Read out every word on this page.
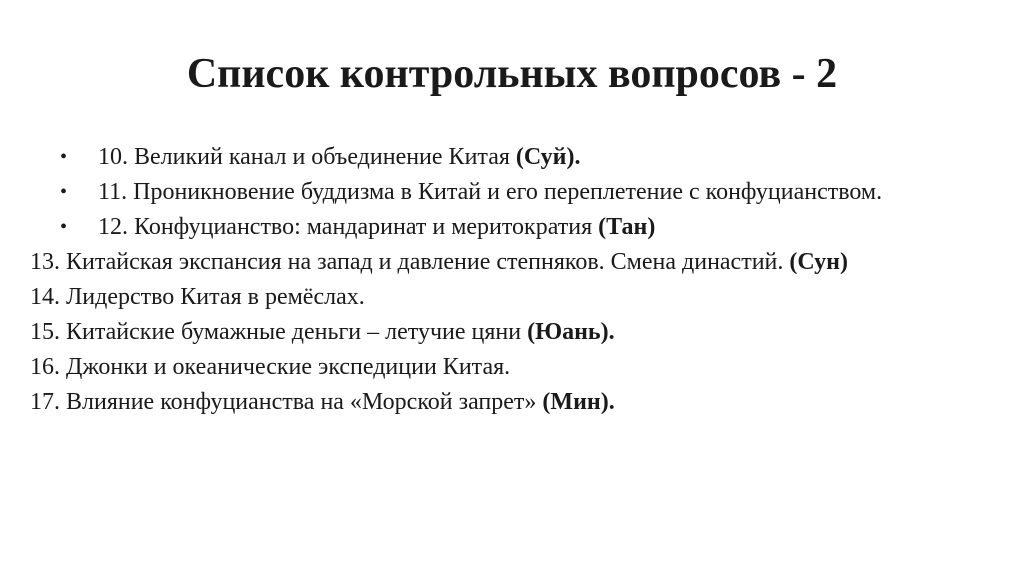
Список контрольных вопросов - 2
•	10. Великий канал и объединение Китая (Суй).
•	11. Проникновение буддизма в Китай и его переплетение с конфуцианством.
•	12. Конфуцианство: мандаринат и меритократия (Тан)
13. Китайская экспансия на запад и давление степняков. Смена династий. (Сун)
14. Лидерство Китая в ремёслах.
15. Китайские бумажные деньги – летучие цяни (Юань).
16. Джонки и океанические экспедиции Китая.
17. Влияние конфуцианства на «Морской запрет» (Мин).
